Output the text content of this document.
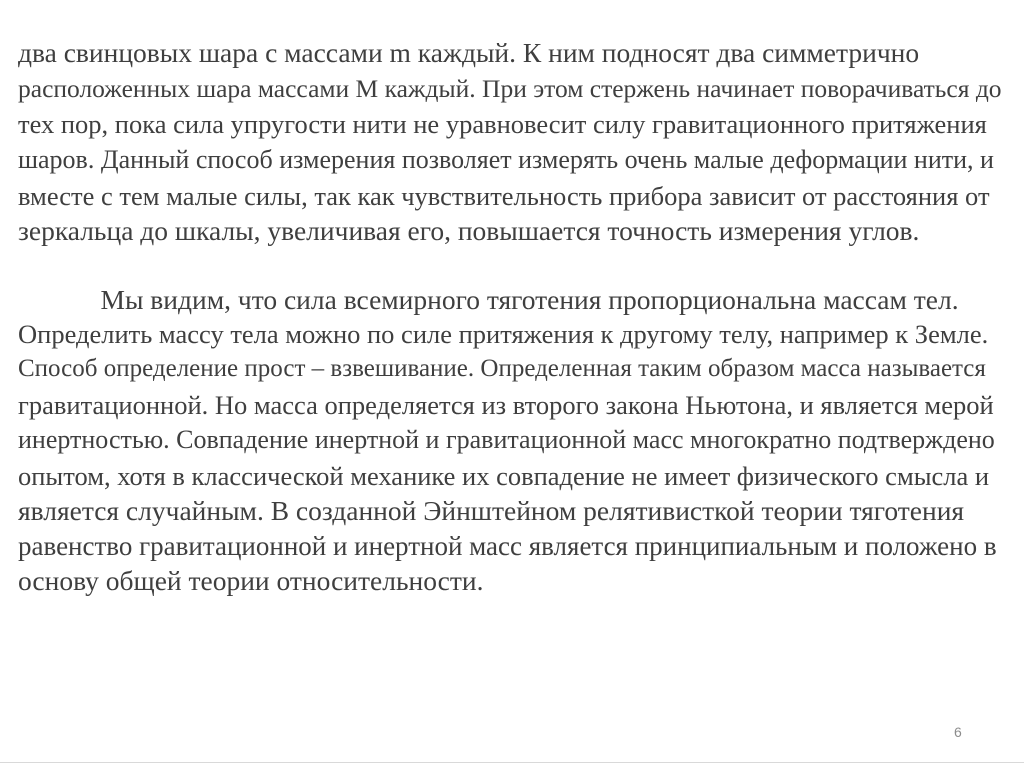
два свинцовых шара с массами m каждый. К ним подносят два симметрично

расположенных шара массами M каждый. При этом стержень начинает поворачиваться до

тех пор, пока сила упругости нити не уравновесит силу гравитационного притяжения

шаров. Данный способ измерения позволяет измерять очень малые деформации нити, и

вместе с тем малые силы, так как чувствительность прибора зависит от расстояния от

зеркальца до шкалы, увеличивая его, повышается точность измерения углов.

Мы видим, что сила всемирного тяготения пропорциональна массам тел.

Определить массу тела можно по силе притяжения к другому телу, например к Земле.

Способ определение прост – взвешивание. Определенная таким образом масса называется

гравитационной. Но масса определяется из второго закона Ньютона, и является мерой

инертностью. Совпадение инертной и гравитационной масс многократно подтверждено

опытом, хотя в классической механике их совпадение не имеет физического смысла и

является случайным. В созданной Эйнштейном релятивисткой теории тяготения

равенство гравитационной и инертной масс является принципиальным и положено в

основу общей теории относительности.

6
